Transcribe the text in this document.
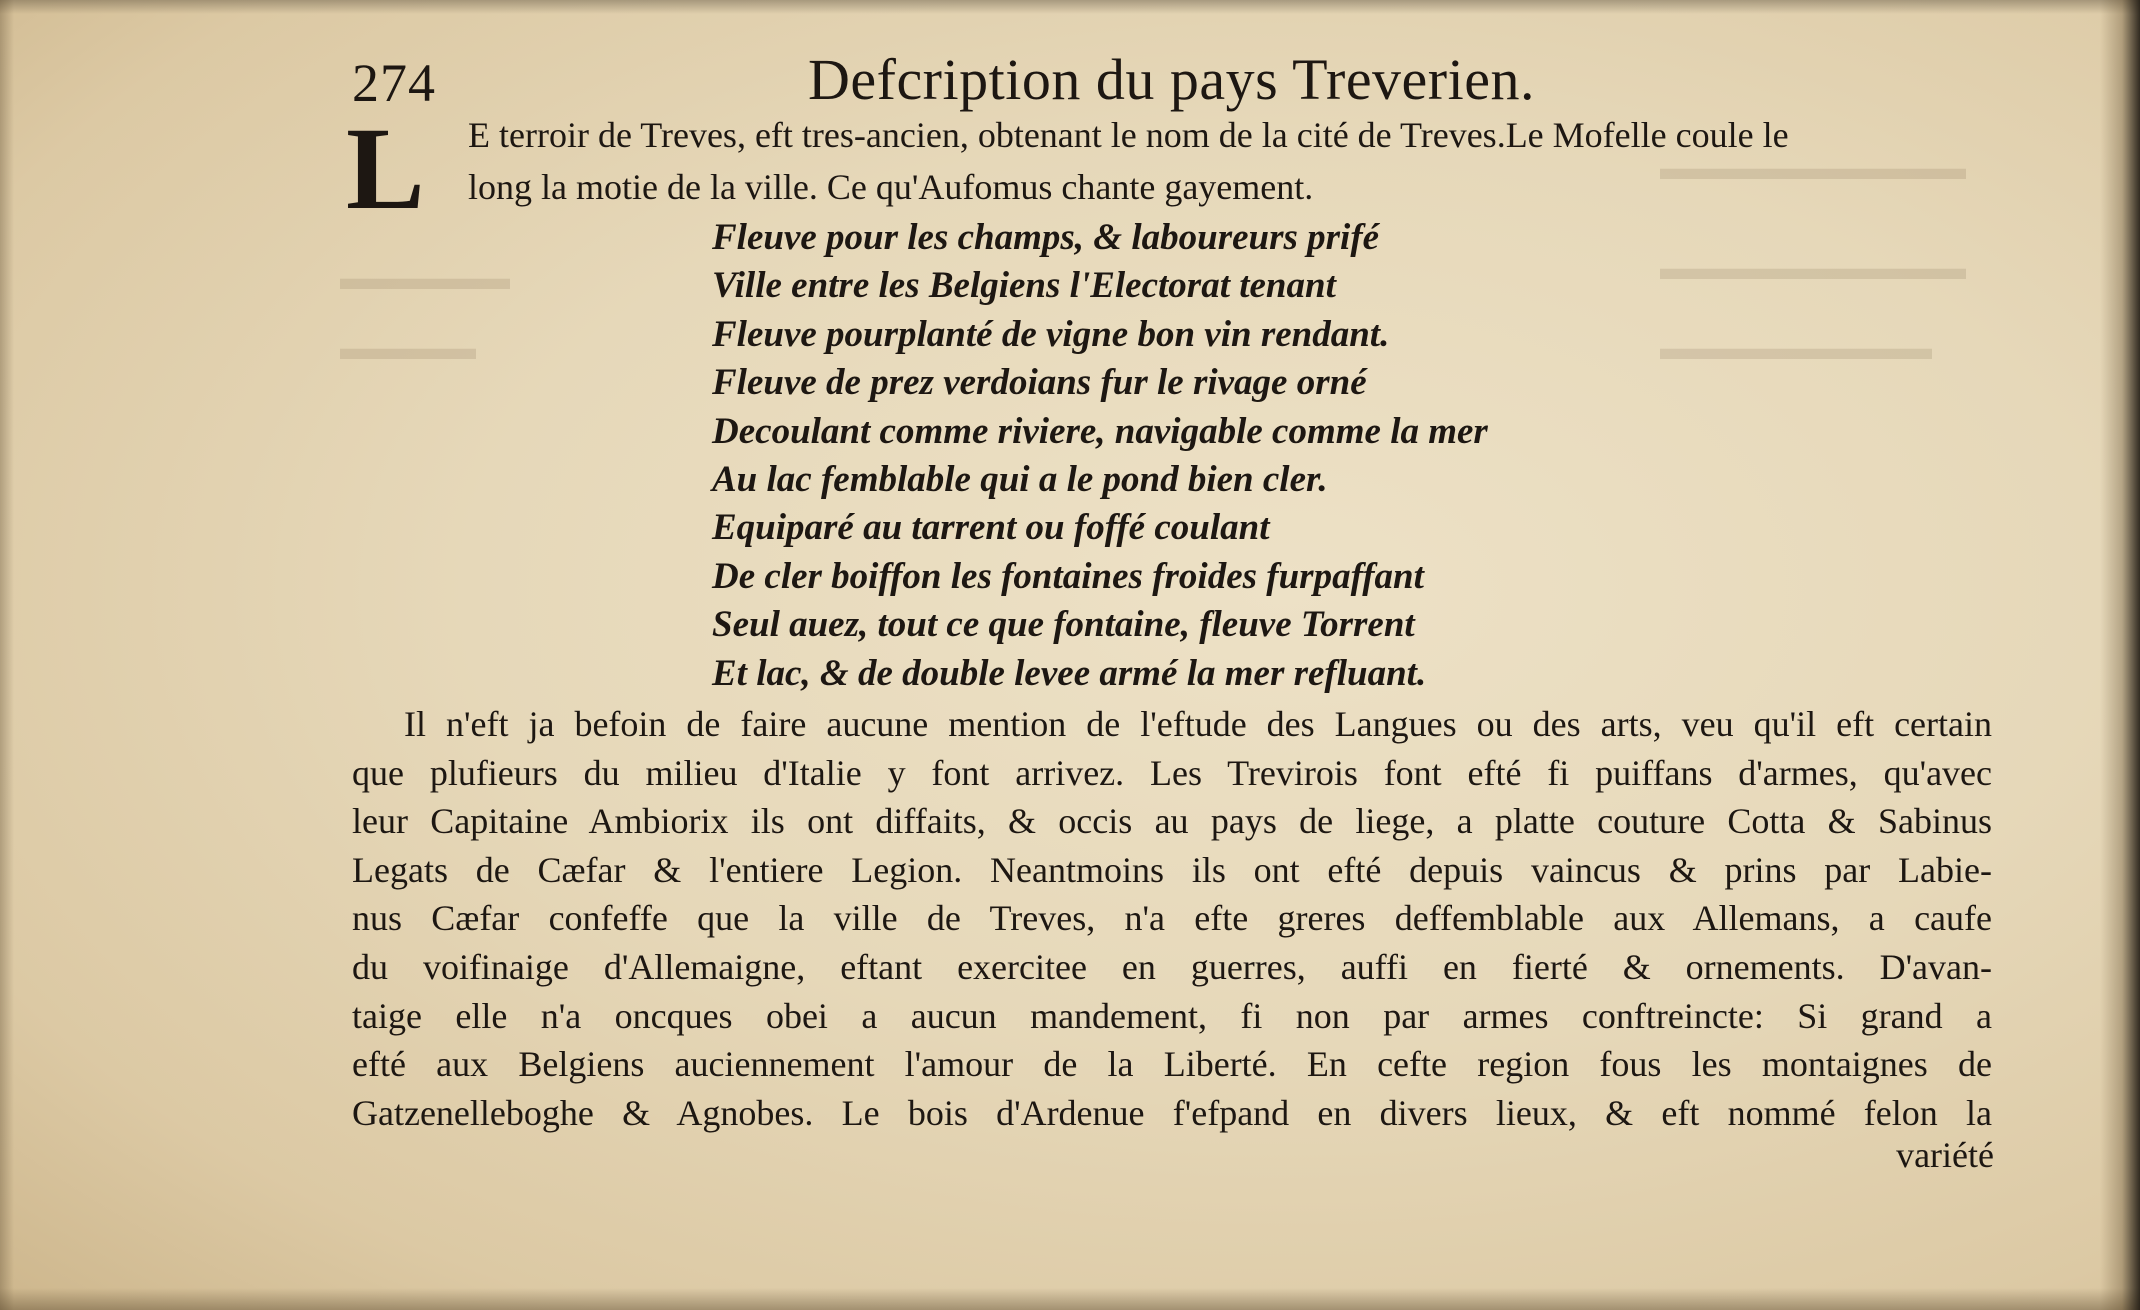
▬▬▬▬▬▬▬▬▬
▬▬▬▬▬▬▬▬▬
▬▬▬▬▬▬▬▬
▬▬▬▬▬
▬▬▬▬
274	Defcription du pays Treverien.
L E terroir de Treves, eft tres-ancien, obtenant le nom de la cité de Treves.Le Mofelle coule le
long la motie de la ville. Ce qu'Aufomus chante gayement.
Fleuve pour les champs, & laboureurs prifé
Ville entre les Belgiens l'Electorat tenant
Fleuve pourplanté de vigne bon vin rendant.
Fleuve de prez verdoians fur le rivage orné
Decoulant comme riviere, navigable comme la mer
Au lac femblable qui a le pond bien cler.
Equiparé au tarrent ou foffé coulant
De cler boiffon les fontaines froides furpaffant
Seul auez, tout ce que fontaine, fleuve Torrent
Et lac, & de double levee armé la mer refluant.
Il n'eft ja befoin de faire aucune mention de l'eftude des Langues ou des arts, veu qu'il eft certain
que plufieurs du milieu d'Italie y font arrivez. Les Trevirois font efté fi puiffans d'armes, qu'avec
leur Capitaine Ambiorix ils ont diffaits, & occis au pays de liege, a platte couture Cotta & Sabinus
Legats de Cæfar & l'entiere Legion. Neantmoins ils ont efté depuis vaincus & prins par Labie-
nus Cæfar confeffe que la ville de Treves, n'a efte greres deffemblable aux Allemans, a caufe
du voifinaige d'Allemaigne, eftant exercitee en guerres, auffi en fierté & ornements. D'avan-
taige elle n'a oncques obei a aucun mandement, fi non par armes conftreincte: Si grand a
efté aux Belgiens auciennement l'amour de la Liberté. En cefte region fous les montaignes de
Gatzenelleboghe & Agnobes. Le bois d'Ardenue f'efpand en divers lieux, & eft nommé felon la
variété
